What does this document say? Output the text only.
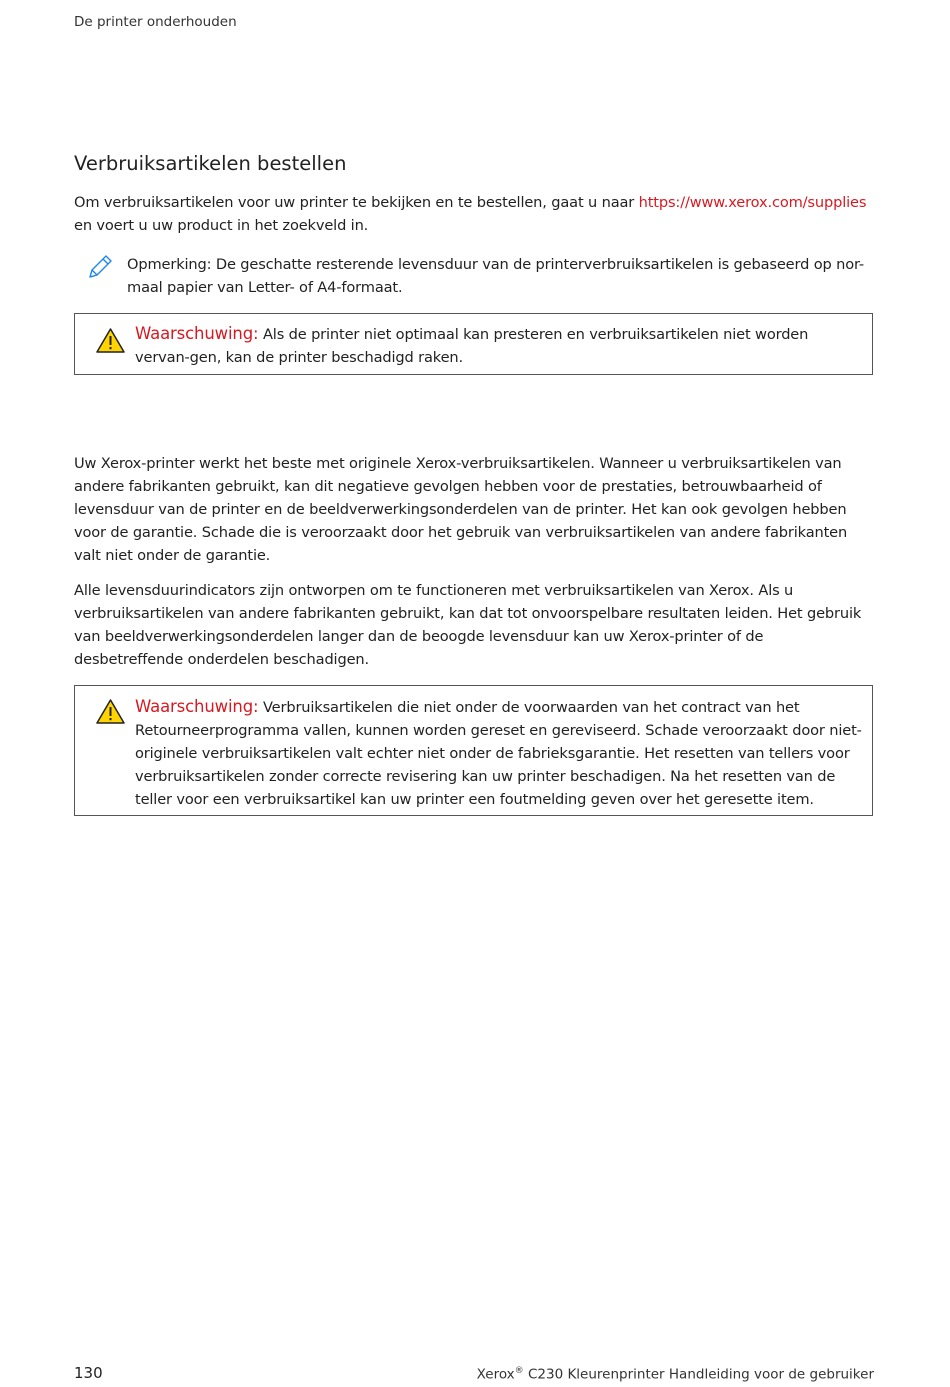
De printer onderhouden
Verbruiksartikelen bestellen

Om verbruiksartikelen voor uw printer te bekijken en te bestellen, gaat u naar https://www.xerox.com/supplies
en voert u uw product in het zoekveld in.

Opmerking: De geschatte resterende levensduur van de printerverbruiksartikelen is gebaseerd op nor-maal papier van Letter- of A4-formaat.
Waarschuwing: Als de printer niet optimaal kan presteren en verbruiksartikelen niet worden vervan-gen, kan de printer beschadigd raken.

Uw Xerox-printer werkt het beste met originele Xerox-verbruiksartikelen. Wanneer u verbruiksartikelen van andere fabrikanten gebruikt, kan dit negatieve gevolgen hebben voor de prestaties, betrouwbaarheid of levensduur van de printer en de beeldverwerkingsonderdelen van de printer. Het kan ook gevolgen hebben voor de garantie. Schade die is veroorzaakt door het gebruik van verbruiksartikelen van andere fabrikanten valt niet onder de garantie.

Alle levensduurindicators zijn ontworpen om te functioneren met verbruiksartikelen van Xerox. Als u verbruiksartikelen van andere fabrikanten gebruikt, kan dat tot onvoorspelbare resultaten leiden. Het gebruik van beeldverwerkingsonderdelen langer dan de beoogde levensduur kan uw Xerox-printer of de desbetreffende onderdelen beschadigen.

Waarschuwing: Verbruiksartikelen die niet onder de voorwaarden van het contract van het Retourneerprogramma vallen, kunnen worden gereset en gereviseerd. Schade veroorzaakt door niet-originele verbruiksartikelen valt echter niet onder de fabrieksgarantie. Het resetten van tellers voor verbruiksartikelen zonder correcte revisering kan uw printer beschadigen. Na het resetten van de teller voor een verbruiksartikel kan uw printer een foutmelding geven over het geresette item.
130	Xerox® C230 Kleurenprinter Handleiding voor de gebruiker
